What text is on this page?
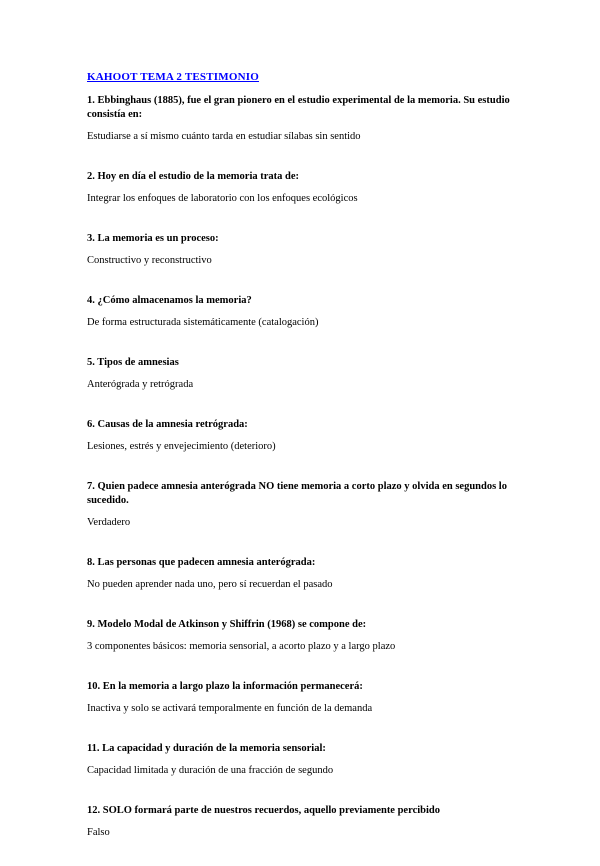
KAHOOT TEMA 2 TESTIMONIO
1. Ebbinghaus (1885), fue el gran pionero en el estudio experimental de la memoria. Su estudio consistía en:
Estudiarse a sí mismo cuánto tarda en estudiar sílabas sin sentido
2. Hoy en día el estudio de la memoria trata de:
Integrar los enfoques de laboratorio con los enfoques ecológicos
3. La memoria es un proceso:
Constructivo y reconstructivo
4. ¿Cómo almacenamos la memoria?
De forma estructurada sistemáticamente (catalogación)
5. Tipos de amnesias
Anterógrada y retrógrada
6. Causas de la amnesia retrógrada:
Lesiones, estrés y envejecimiento (deterioro)
7. Quien padece amnesia anterógrada NO tiene memoria a corto plazo y olvida en segundos lo sucedido.
Verdadero
8. Las personas que padecen amnesia anterógrada:
No pueden aprender nada uno, pero sí recuerdan el pasado
9. Modelo Modal de Atkinson y Shiffrin (1968) se compone de:
3 componentes básicos: memoria sensorial, a acorto plazo y a largo plazo
10. En la memoria a largo plazo la información permanecerá:
Inactiva y solo se activará temporalmente en función de la demanda
11. La capacidad y duración de la memoria sensorial:
Capacidad limitada y duración de una fracción de segundo
12. SOLO formará parte de nuestros recuerdos, aquello previamente percibido
Falso
